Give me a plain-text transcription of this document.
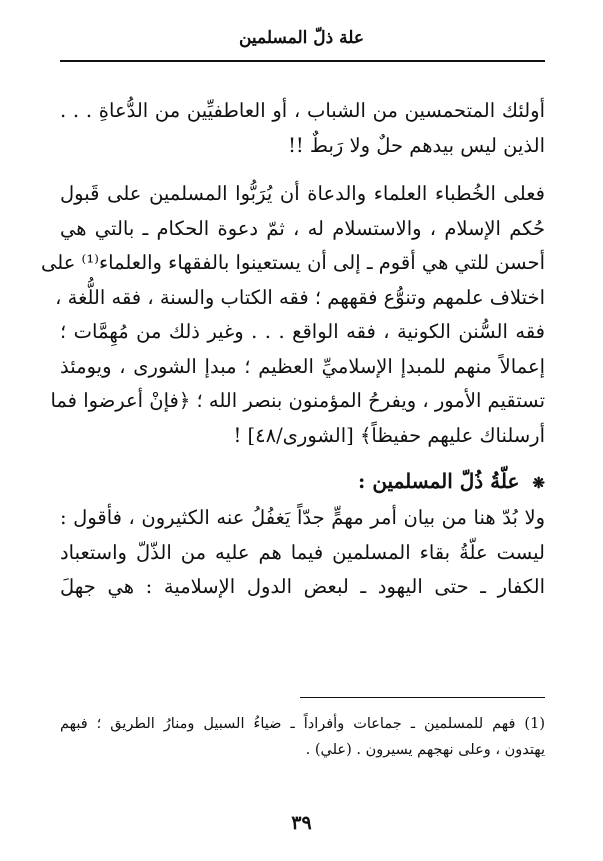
علة ذلّ المسلمين
أولئك المتحمسين من الشباب ، أو العاطفيِّين من الدُّعاةِ . . .
الذين ليس بيدهم حلٌ ولا رَبطٌ !!
فعلى الخُطباء العلماء والدعاة أن يُرَبُّوا المسلمين على قَبول
حُكم الإسلام ، والاستسلام له ، ثمّ دعوة الحكام ـ بالتي هي
أحسن للتي هي أقوم ـ إلى أن يستعينوا بالفقهاء والعلماء⁽¹⁾ على
اختلاف علمهم وتنوُّع فقههم ؛ فقه الكتاب والسنة ، فقه اللُّغة ،
فقه السُّنن الكونية ، فقه الواقع . . . وغير ذلك من مُهِمَّات ؛
إعمالاً منهم للمبدإ الإسلاميِّ العظيم ؛ مبدإ الشورى ، ويومئذ
تستقيم الأمور ، ويفرحُ المؤمنون بنصر الله ؛ ﴿فإنْ أعرضوا فما
أرسلناك عليهم حفيظاً﴾ [الشورى/٤٨] !
❋ علّةُ ذُلّ المسلمين :
ولا بُدّ هنا من بيان أمر مهمٍّ جدّاً يَغفُلُ عنه الكثيرون ، فأقول :
ليست علّةُ بقاء المسلمين فيما هم عليه من الذّلّ واستعباد
الكفار ـ حتى اليهود ـ لبعض الدول الإسلامية : هي جهلَ
(1) فهم للمسلمين ـ جماعات وأفراداً ـ ضياءُ السبيل ومنارُ الطريق ؛ فبهم
يهتدون ، وعلى نهجهم يسيرون . (علي) .
٣٩
